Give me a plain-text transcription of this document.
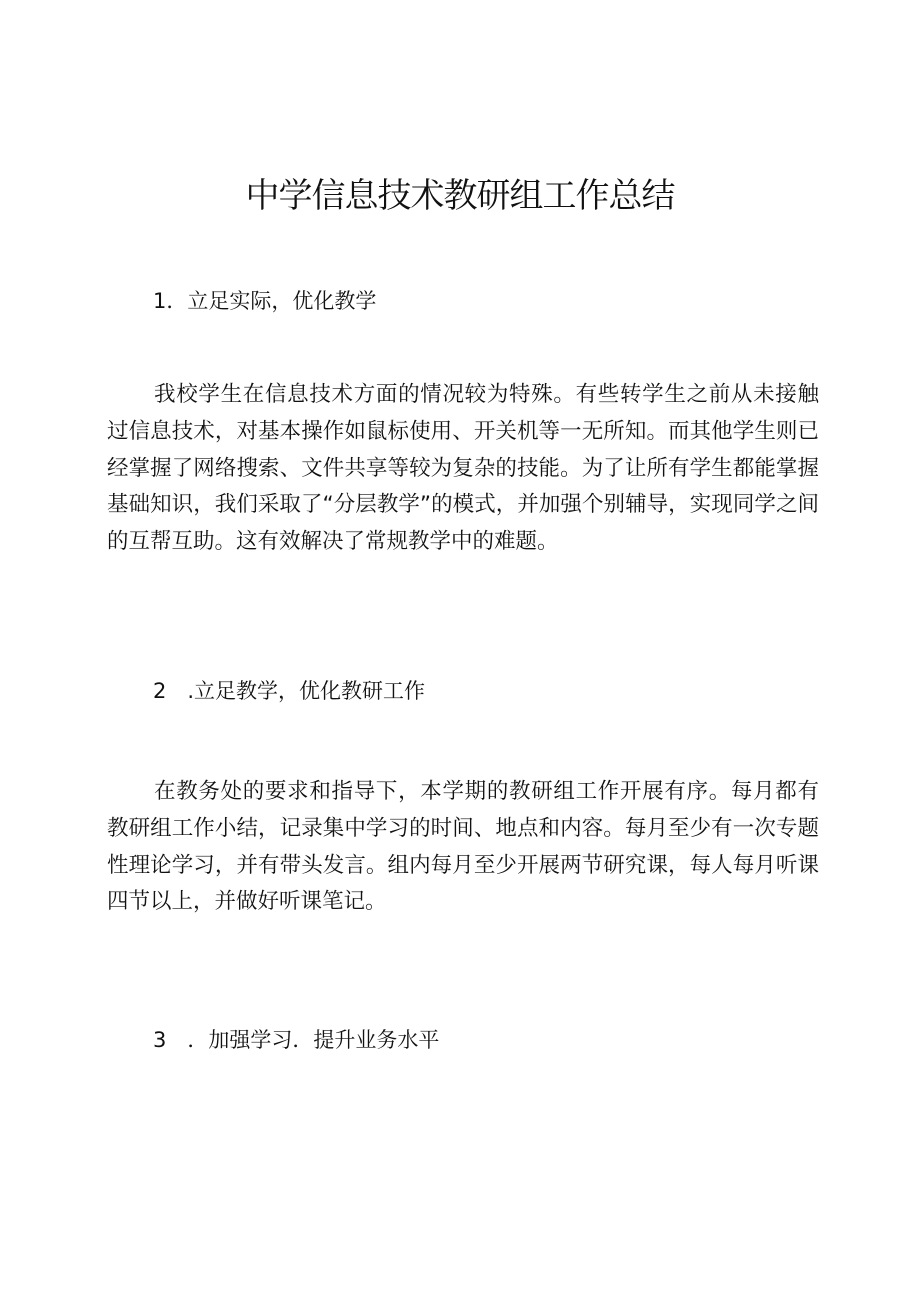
中学信息技术教研组工作总结

1．立足实际，优化教学

我校学生在信息技术方面的情况较为特殊。有些转学生之前从未接触过信息技术，对基本操作如鼠标使用、开关机等一无所知。而其他学生则已经掌握了网络搜索、文件共享等较为复杂的技能。为了让所有学生都能掌握基础知识，我们采取了“分层教学”的模式，并加强个别辅导，实现同学之间的互帮互助。这有效解决了常规教学中的难题。

2　.立足教学，优化教研工作

在教务处的要求和指导下，本学期的教研组工作开展有序。每月都有教研组工作小结，记录集中学习的时间、地点和内容。每月至少有一次专题性理论学习，并有带头发言。组内每月至少开展两节研究课，每人每月听课四节以上，并做好听课笔记。

3　．加强学习．提升业务水平
